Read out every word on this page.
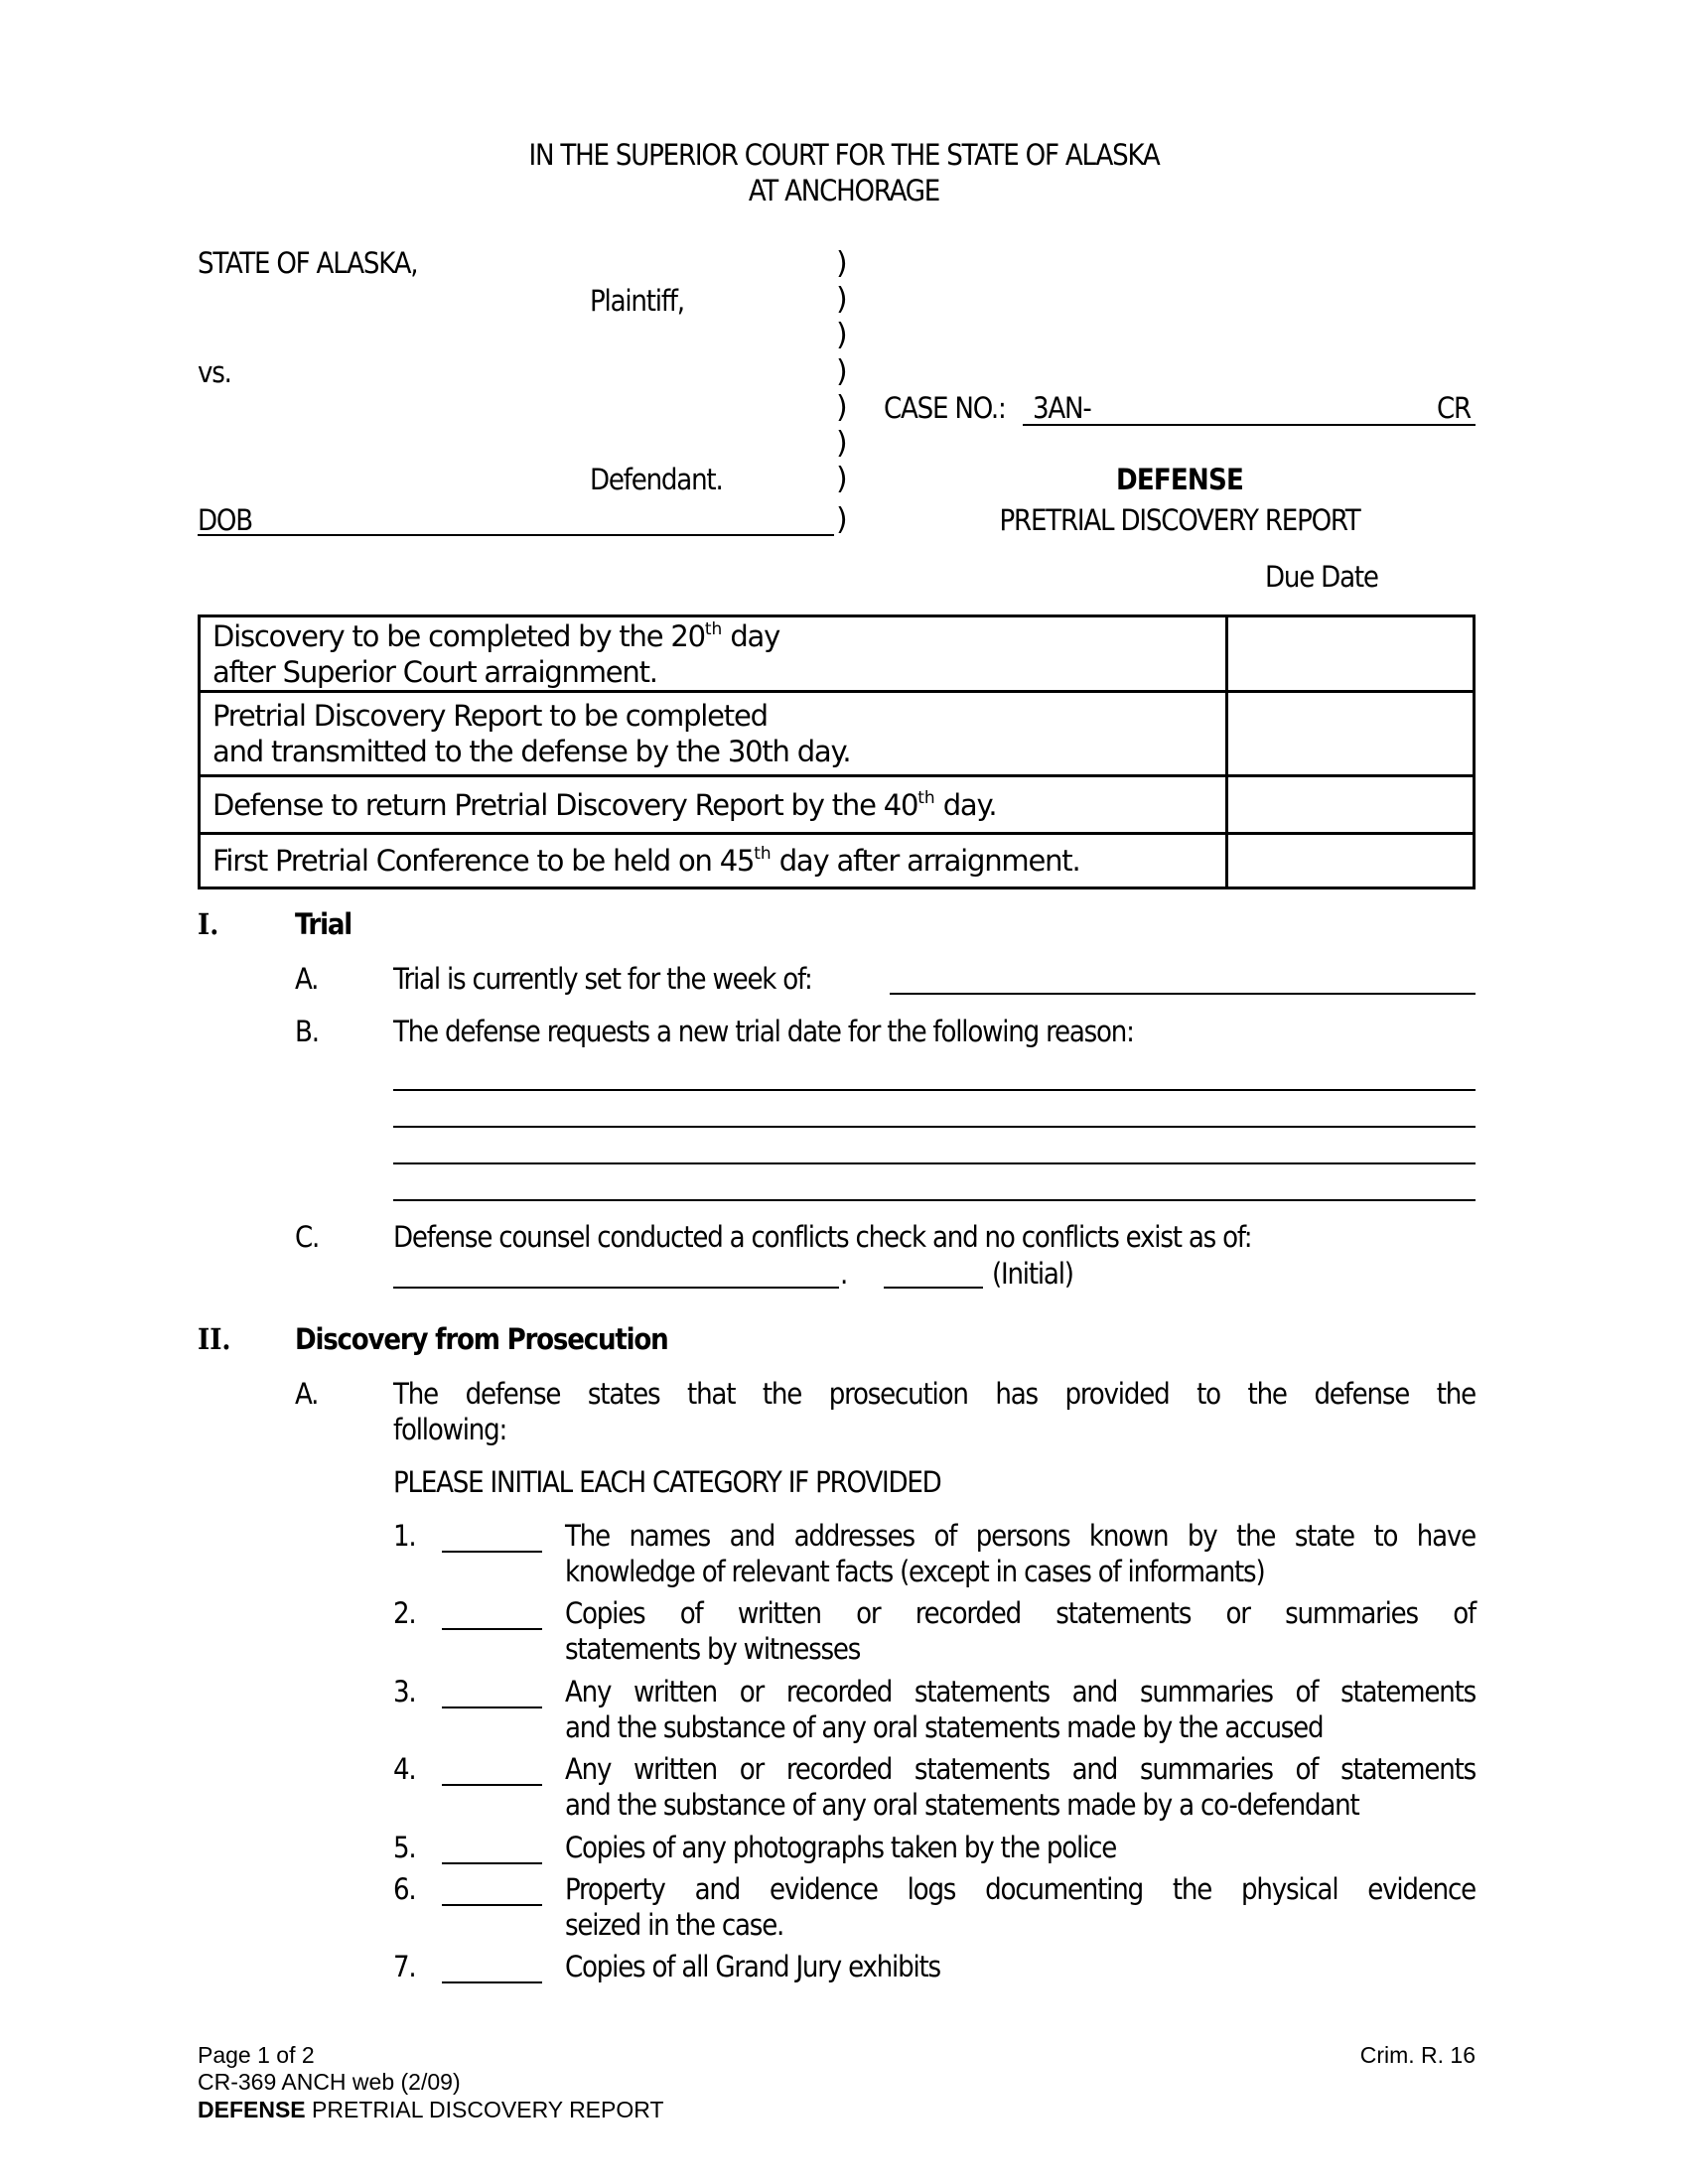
IN THE SUPERIOR COURT FOR THE STATE OF ALASKA
AT ANCHORAGE
STATE OF ALASKA,
Plaintiff,
vs.
Defendant.
DOB
)
)
)
)
)
)
)
)
CASE NO.: 3AN-	CR
DEFENSE
PRETRIAL DISCOVERY REPORT
Due Date
Discovery to be completed by the 20th day
after Superior Court arraignment.	
Pretrial Discovery Report to be completed
and transmitted to the defense by the 30th day.	
Defense to return Pretrial Discovery Report by the 40th day.	
First Pretrial Conference to be held on 45th day after arraignment.	
I.	Trial
A.	Trial is currently set for the week of:
B.	The defense requests a new trial date for the following reason:
C.	Defense counsel conducted a conflicts check and no conflicts exist as of:
.	(Initial)
II. Discovery from Prosecution
A.	The defense states that the prosecution has provided to the defense the
following:
PLEASE INITIAL EACH CATEGORY IF PROVIDED
1.	The names and addresses of persons known by the state to have
knowledge of relevant facts (except in cases of informants)
2.	Copies of written or recorded statements or summaries of
statements by witnesses
3.	Any written or recorded statements and summaries of statements
and the substance of any oral statements made by the accused
4.	Any written or recorded statements and summaries of statements
and the substance of any oral statements made by a co-defendant
5.	Copies of any photographs taken by the police
6.	Property and evidence logs documenting the physical evidence
seized in the case.
7.	Copies of all Grand Jury exhibits
Page 1 of 2
CR-369 ANCH web (2/09)
DEFENSE PRETRIAL DISCOVERY REPORT
Crim. R. 16
